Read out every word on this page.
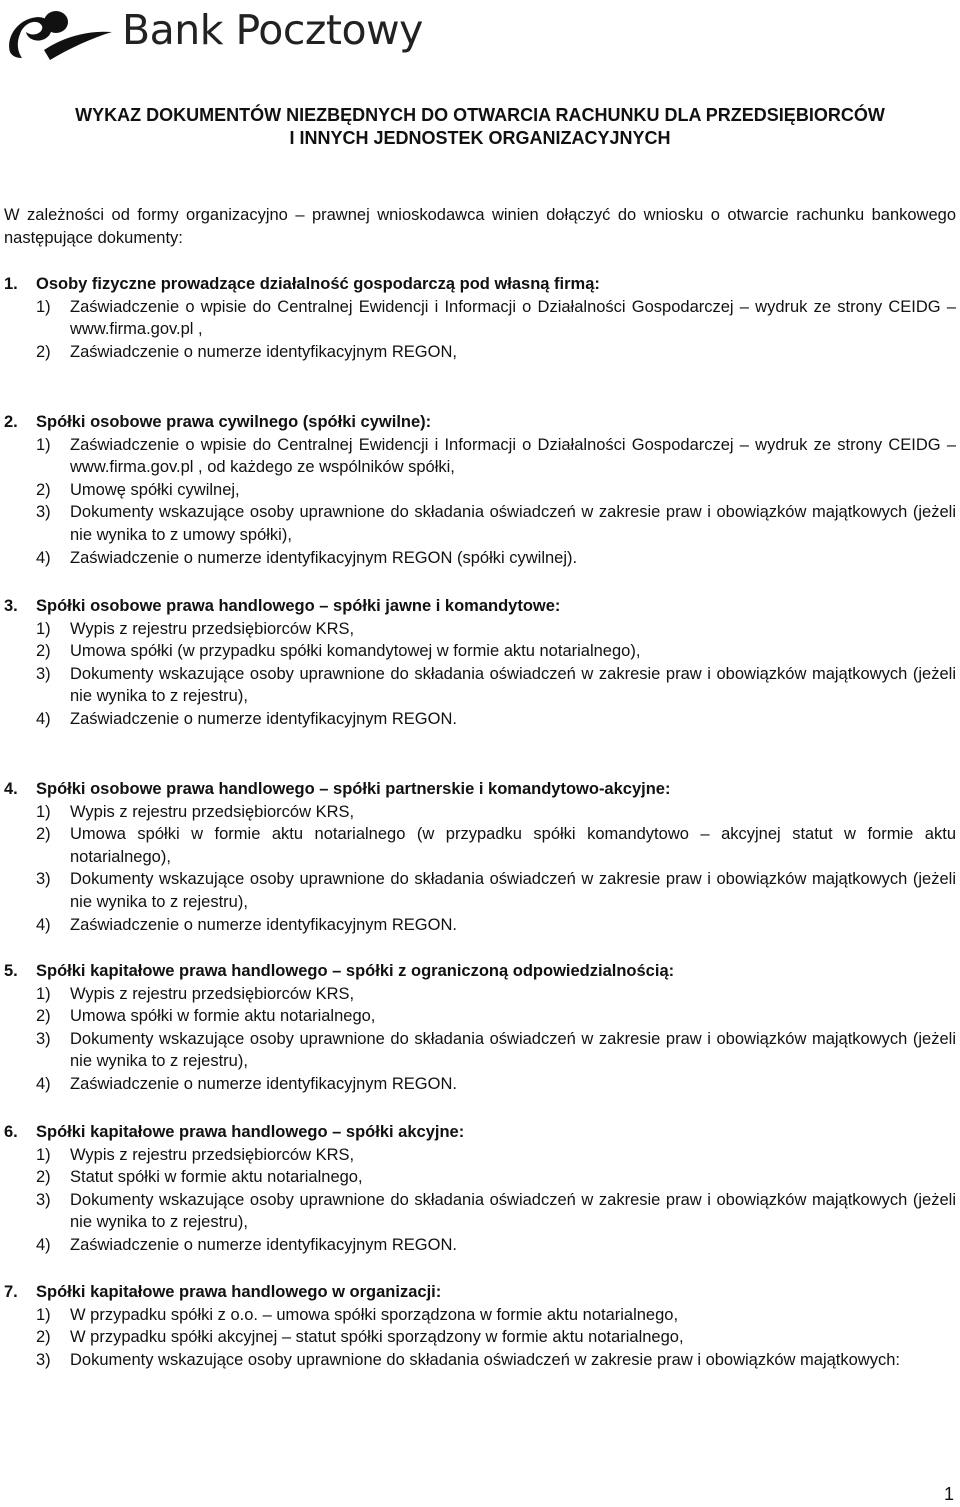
Bank Pocztowy
WYKAZ DOKUMENTÓW NIEZBĘDNYCH DO OTWARCIA RACHUNKU DLA PRZEDSIĘBIORCÓW
I INNYCH JEDNOSTEK ORGANIZACYJNYCH
W zależności od formy organizacyjno – prawnej wnioskodawca winien dołączyć do wniosku o otwarcie rachunku bankowego następujące dokumenty:
1. Osoby fizyczne prowadzące działalność gospodarczą pod własną firmą:
1) Zaświadczenie o wpisie do Centralnej Ewidencji i Informacji o Działalności Gospodarczej – wydruk ze strony CEIDG – www.firma.gov.pl ,
2) Zaświadczenie o numerze identyfikacyjnym REGON,
2. Spółki osobowe prawa cywilnego (spółki cywilne):
1) Zaświadczenie o wpisie do Centralnej Ewidencji i Informacji o Działalności Gospodarczej – wydruk ze strony CEIDG – www.firma.gov.pl , od każdego ze wspólników spółki,
2) Umowę spółki cywilnej,
3) Dokumenty wskazujące osoby uprawnione do składania oświadczeń w zakresie praw i obowiązków majątkowych (jeżeli nie wynika to z umowy spółki),
4) Zaświadczenie o numerze identyfikacyjnym REGON (spółki cywilnej).
3. Spółki osobowe prawa handlowego – spółki jawne i komandytowe:
1) Wypis z rejestru przedsiębiorców KRS,
2) Umowa spółki (w przypadku spółki komandytowej w formie aktu notarialnego),
3) Dokumenty wskazujące osoby uprawnione do składania oświadczeń w zakresie praw i obowiązków majątkowych (jeżeli nie wynika to z rejestru),
4) Zaświadczenie o numerze identyfikacyjnym REGON.
4. Spółki osobowe prawa handlowego – spółki partnerskie i komandytowo-akcyjne:
1) Wypis z rejestru przedsiębiorców KRS,
2) Umowa spółki w formie aktu notarialnego (w przypadku spółki komandytowo – akcyjnej statut w formie aktu notarialnego),
3) Dokumenty wskazujące osoby uprawnione do składania oświadczeń w zakresie praw i obowiązków majątkowych (jeżeli nie wynika to z rejestru),
4) Zaświadczenie o numerze identyfikacyjnym REGON.
5. Spółki kapitałowe prawa handlowego – spółki z ograniczoną odpowiedzialnością:
1) Wypis z rejestru przedsiębiorców KRS,
2) Umowa spółki w formie aktu notarialnego,
3) Dokumenty wskazujące osoby uprawnione do składania oświadczeń w zakresie praw i obowiązków majątkowych (jeżeli nie wynika to z rejestru),
4) Zaświadczenie o numerze identyfikacyjnym REGON.
6. Spółki kapitałowe prawa handlowego – spółki akcyjne:
1) Wypis z rejestru przedsiębiorców KRS,
2) Statut spółki w formie aktu notarialnego,
3) Dokumenty wskazujące osoby uprawnione do składania oświadczeń w zakresie praw i obowiązków majątkowych (jeżeli nie wynika to z rejestru),
4) Zaświadczenie o numerze identyfikacyjnym REGON.
7. Spółki kapitałowe prawa handlowego w organizacji:
1) W przypadku spółki z o.o. – umowa spółki sporządzona w formie aktu notarialnego,
2) W przypadku spółki akcyjnej – statut spółki sporządzony w formie aktu notarialnego,
3) Dokumenty wskazujące osoby uprawnione do składania oświadczeń w zakresie praw i obowiązków majątkowych:
1
